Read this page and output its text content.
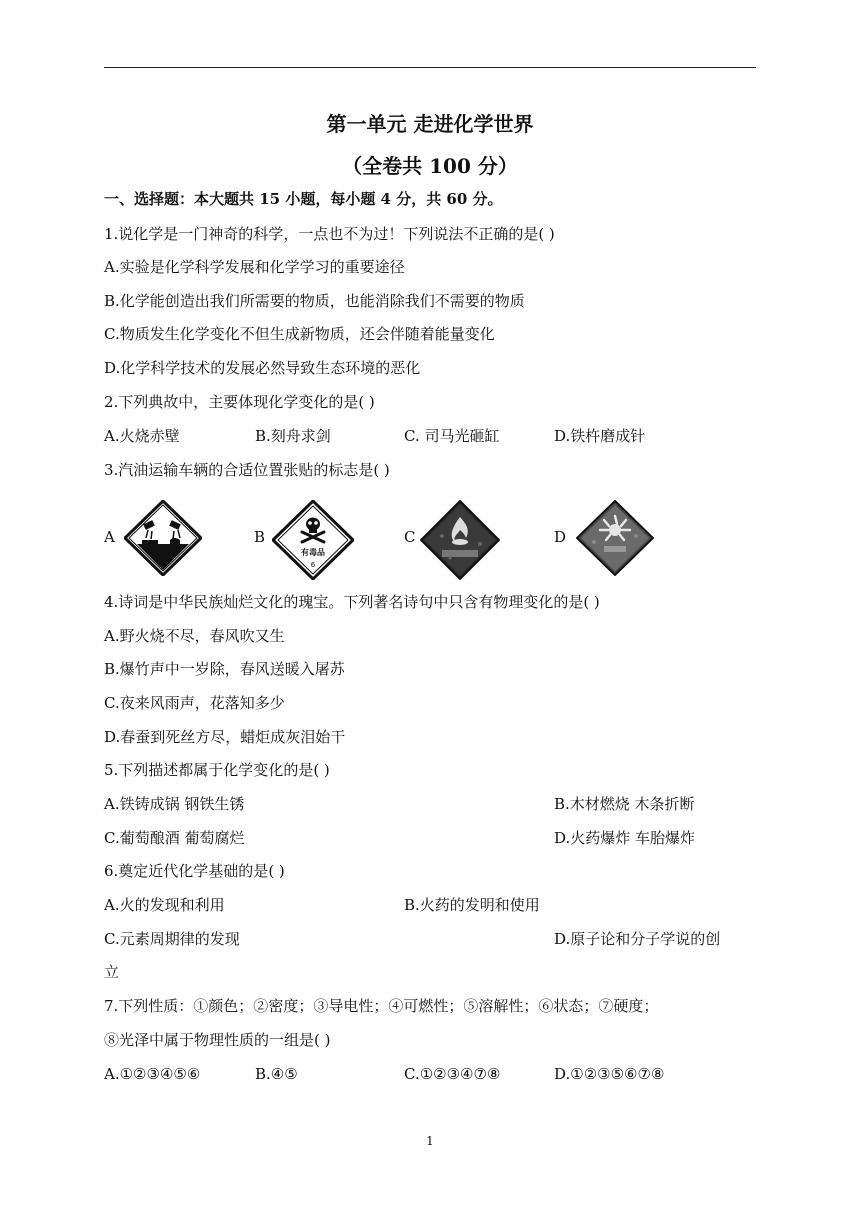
第一单元 走进化学世界
（全卷共 100 分）
一、选择题：本大题共 15 小题，每小题 4 分，共 60 分。
1.说化学是一门神奇的科学，一点也不为过！下列说法不正确的是( )
A.实验是化学科学发展和化学学习的重要途径
B.化学能创造出我们所需要的物质，也能消除我们不需要的物质
C.物质发生化学变化不但生成新物质，还会伴随着能量变化
D.化学科学技术的发展必然导致生态环境的恶化
2.下列典故中，主要体现化学变化的是( )
A.火烧赤壁	B.刻舟求剑	C. 司马光砸缸	D.铁杵磨成针
3.汽油运输车辆的合适位置张贴的标志是( )
A	B	C	D
有毒品
6
4.诗词是中华民族灿烂文化的瑰宝。下列著名诗句中只含有物理变化的是( )
A.野火烧不尽，春风吹又生
B.爆竹声中一岁除，春风送暖入屠苏
C.夜来风雨声，花落知多少
D.春蚕到死丝方尽，蜡炬成灰泪始干
5.下列描述都属于化学变化的是( )
A.铁铸成锅 钢铁生锈	B.木材燃烧 木条折断
C.葡萄酿酒 葡萄腐烂	D.火药爆炸 车胎爆炸
6.奠定近代化学基础的是( )
A.火的发现和利用	B.火药的发明和使用
C.元素周期律的发现	D.原子论和分子学说的创
立
7.下列性质：①颜色；②密度；③导电性；④可燃性；⑤溶解性；⑥状态；⑦硬度；
⑧光泽中属于物理性质的一组是( )
A.①②③④⑤⑥	B.④⑤	C.①②③④⑦⑧	D.①②③⑤⑥⑦⑧
1
